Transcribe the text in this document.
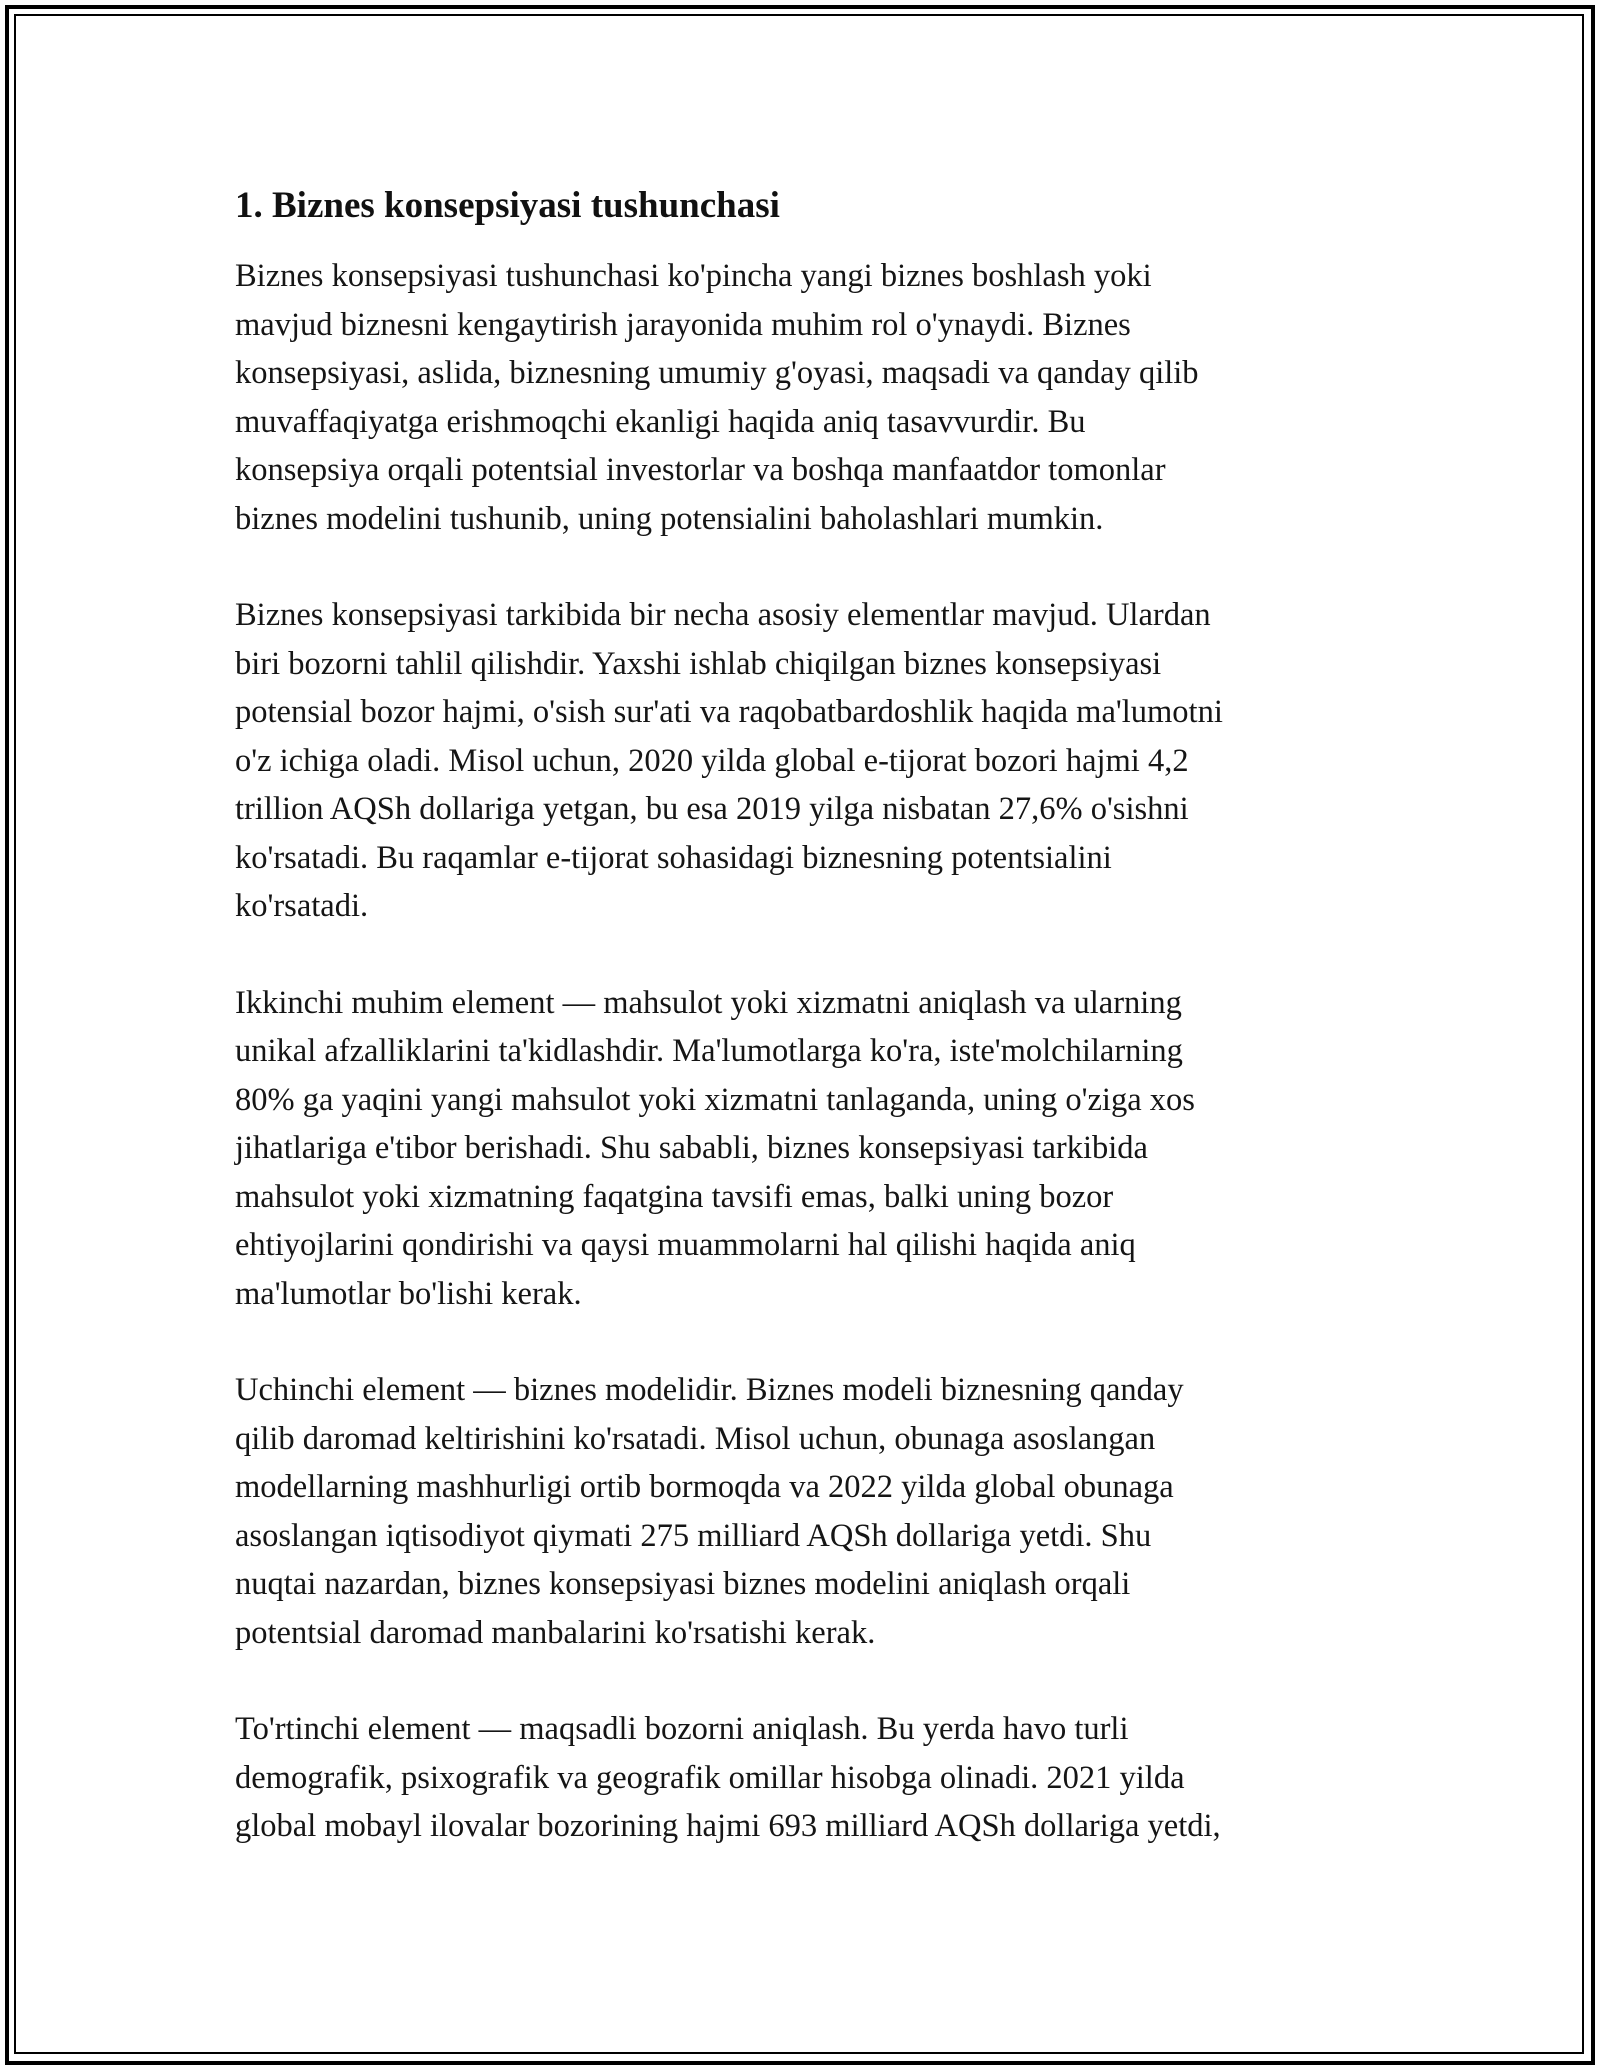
1. Biznes konsepsiyasi tushunchasi

Biznes konsepsiyasi tushunchasi ko'pincha yangi biznes boshlash yoki
mavjud biznesni kengaytirish jarayonida muhim rol o'ynaydi. Biznes
konsepsiyasi, aslida, biznesning umumiy g'oyasi, maqsadi va qanday qilib
muvaffaqiyatga erishmoqchi ekanligi haqida aniq tasavvurdir. Bu
konsepsiya orqali potentsial investorlar va boshqa manfaatdor tomonlar
biznes modelini tushunib, uning potensialini baholashlari mumkin.

Biznes konsepsiyasi tarkibida bir necha asosiy elementlar mavjud. Ulardan
biri bozorni tahlil qilishdir. Yaxshi ishlab chiqilgan biznes konsepsiyasi
potensial bozor hajmi, o'sish sur'ati va raqobatbardoshlik haqida ma'lumotni
o'z ichiga oladi. Misol uchun, 2020 yilda global e-tijorat bozori hajmi 4,2
trillion AQSh dollariga yetgan, bu esa 2019 yilga nisbatan 27,6% o'sishni
ko'rsatadi. Bu raqamlar e-tijorat sohasidagi biznesning potentsialini
ko'rsatadi.

Ikkinchi muhim element — mahsulot yoki xizmatni aniqlash va ularning
unikal afzalliklarini ta'kidlashdir. Ma'lumotlarga ko'ra, iste'molchilarning
80% ga yaqini yangi mahsulot yoki xizmatni tanlaganda, uning o'ziga xos
jihatlariga e'tibor berishadi. Shu sababli, biznes konsepsiyasi tarkibida
mahsulot yoki xizmatning faqatgina tavsifi emas, balki uning bozor
ehtiyojlarini qondirishi va qaysi muammolarni hal qilishi haqida aniq
ma'lumotlar bo'lishi kerak.

Uchinchi element — biznes modelidir. Biznes modeli biznesning qanday
qilib daromad keltirishini ko'rsatadi. Misol uchun, obunaga asoslangan
modellarning mashhurligi ortib bormoqda va 2022 yilda global obunaga
asoslangan iqtisodiyot qiymati 275 milliard AQSh dollariga yetdi. Shu
nuqtai nazardan, biznes konsepsiyasi biznes modelini aniqlash orqali
potentsial daromad manbalarini ko'rsatishi kerak.

To'rtinchi element — maqsadli bozorni aniqlash. Bu yerda havo turli
demografik, psixografik va geografik omillar hisobga olinadi. 2021 yilda
global mobayl ilovalar bozorining hajmi 693 milliard AQSh dollariga yetdi,
